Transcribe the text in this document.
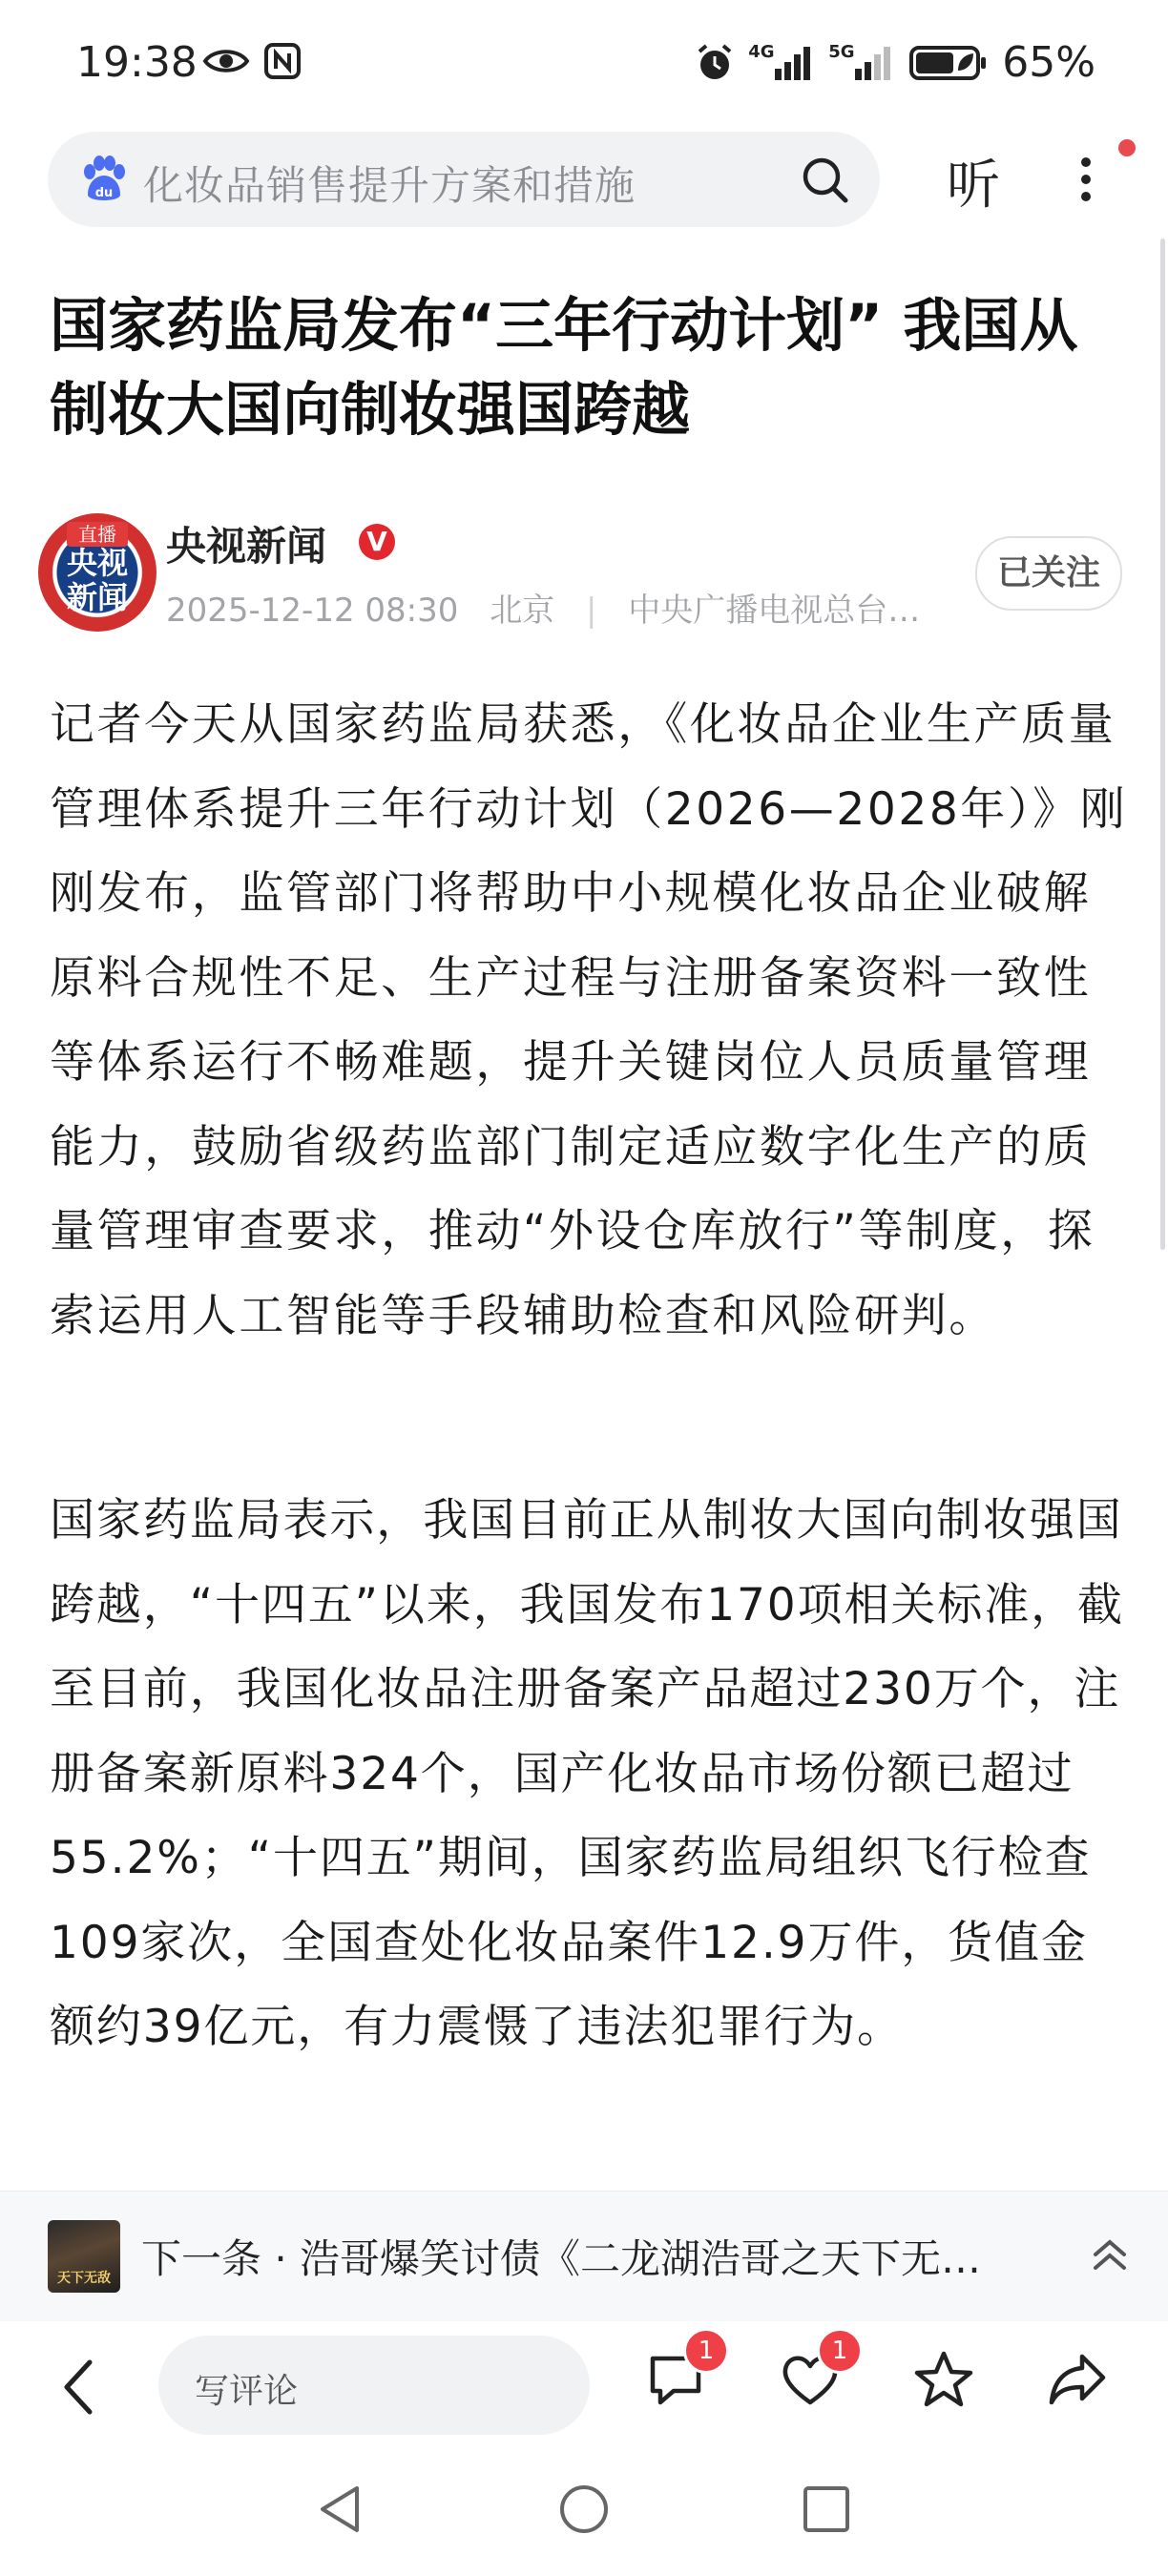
19:38	4G	5G	65%
du 化妆品销售提升方案和措施	听
国家药监局发布“三年行动计划” 我国从制妆大国向制妆强国跨越
直播
央视新闻
央视新闻 V
2025-12-12 08:30 北京 | 中央广播电视总台…
已关注
记者今天从国家药监局获悉，《化妆品企业生产质量管理体系提升三年行动计划（2026—2028年）》刚刚发布，监管部门将帮助中小规模化妆品企业破解原料合规性不足、生产过程与注册备案资料一致性等体系运行不畅难题，提升关键岗位人员质量管理能力，鼓励省级药监部门制定适应数字化生产的质量管理审查要求，推动“外设仓库放行”等制度，探索运用人工智能等手段辅助检查和风险研判。
国家药监局表示，我国目前正从制妆大国向制妆强国跨越，“十四五”以来，我国发布170项相关标准，截至目前，我国化妆品注册备案产品超过230万个，注册备案新原料324个，国产化妆品市场份额已超过55.2%；“十四五”期间，国家药监局组织飞行检查109家次，全国查处化妆品案件12.9万件，货值金额约39亿元，有力震慑了违法犯罪行为。
天下无敌 下一条 · 浩哥爆笑讨债《二龙湖浩哥之天下无…
写评论
1	1
